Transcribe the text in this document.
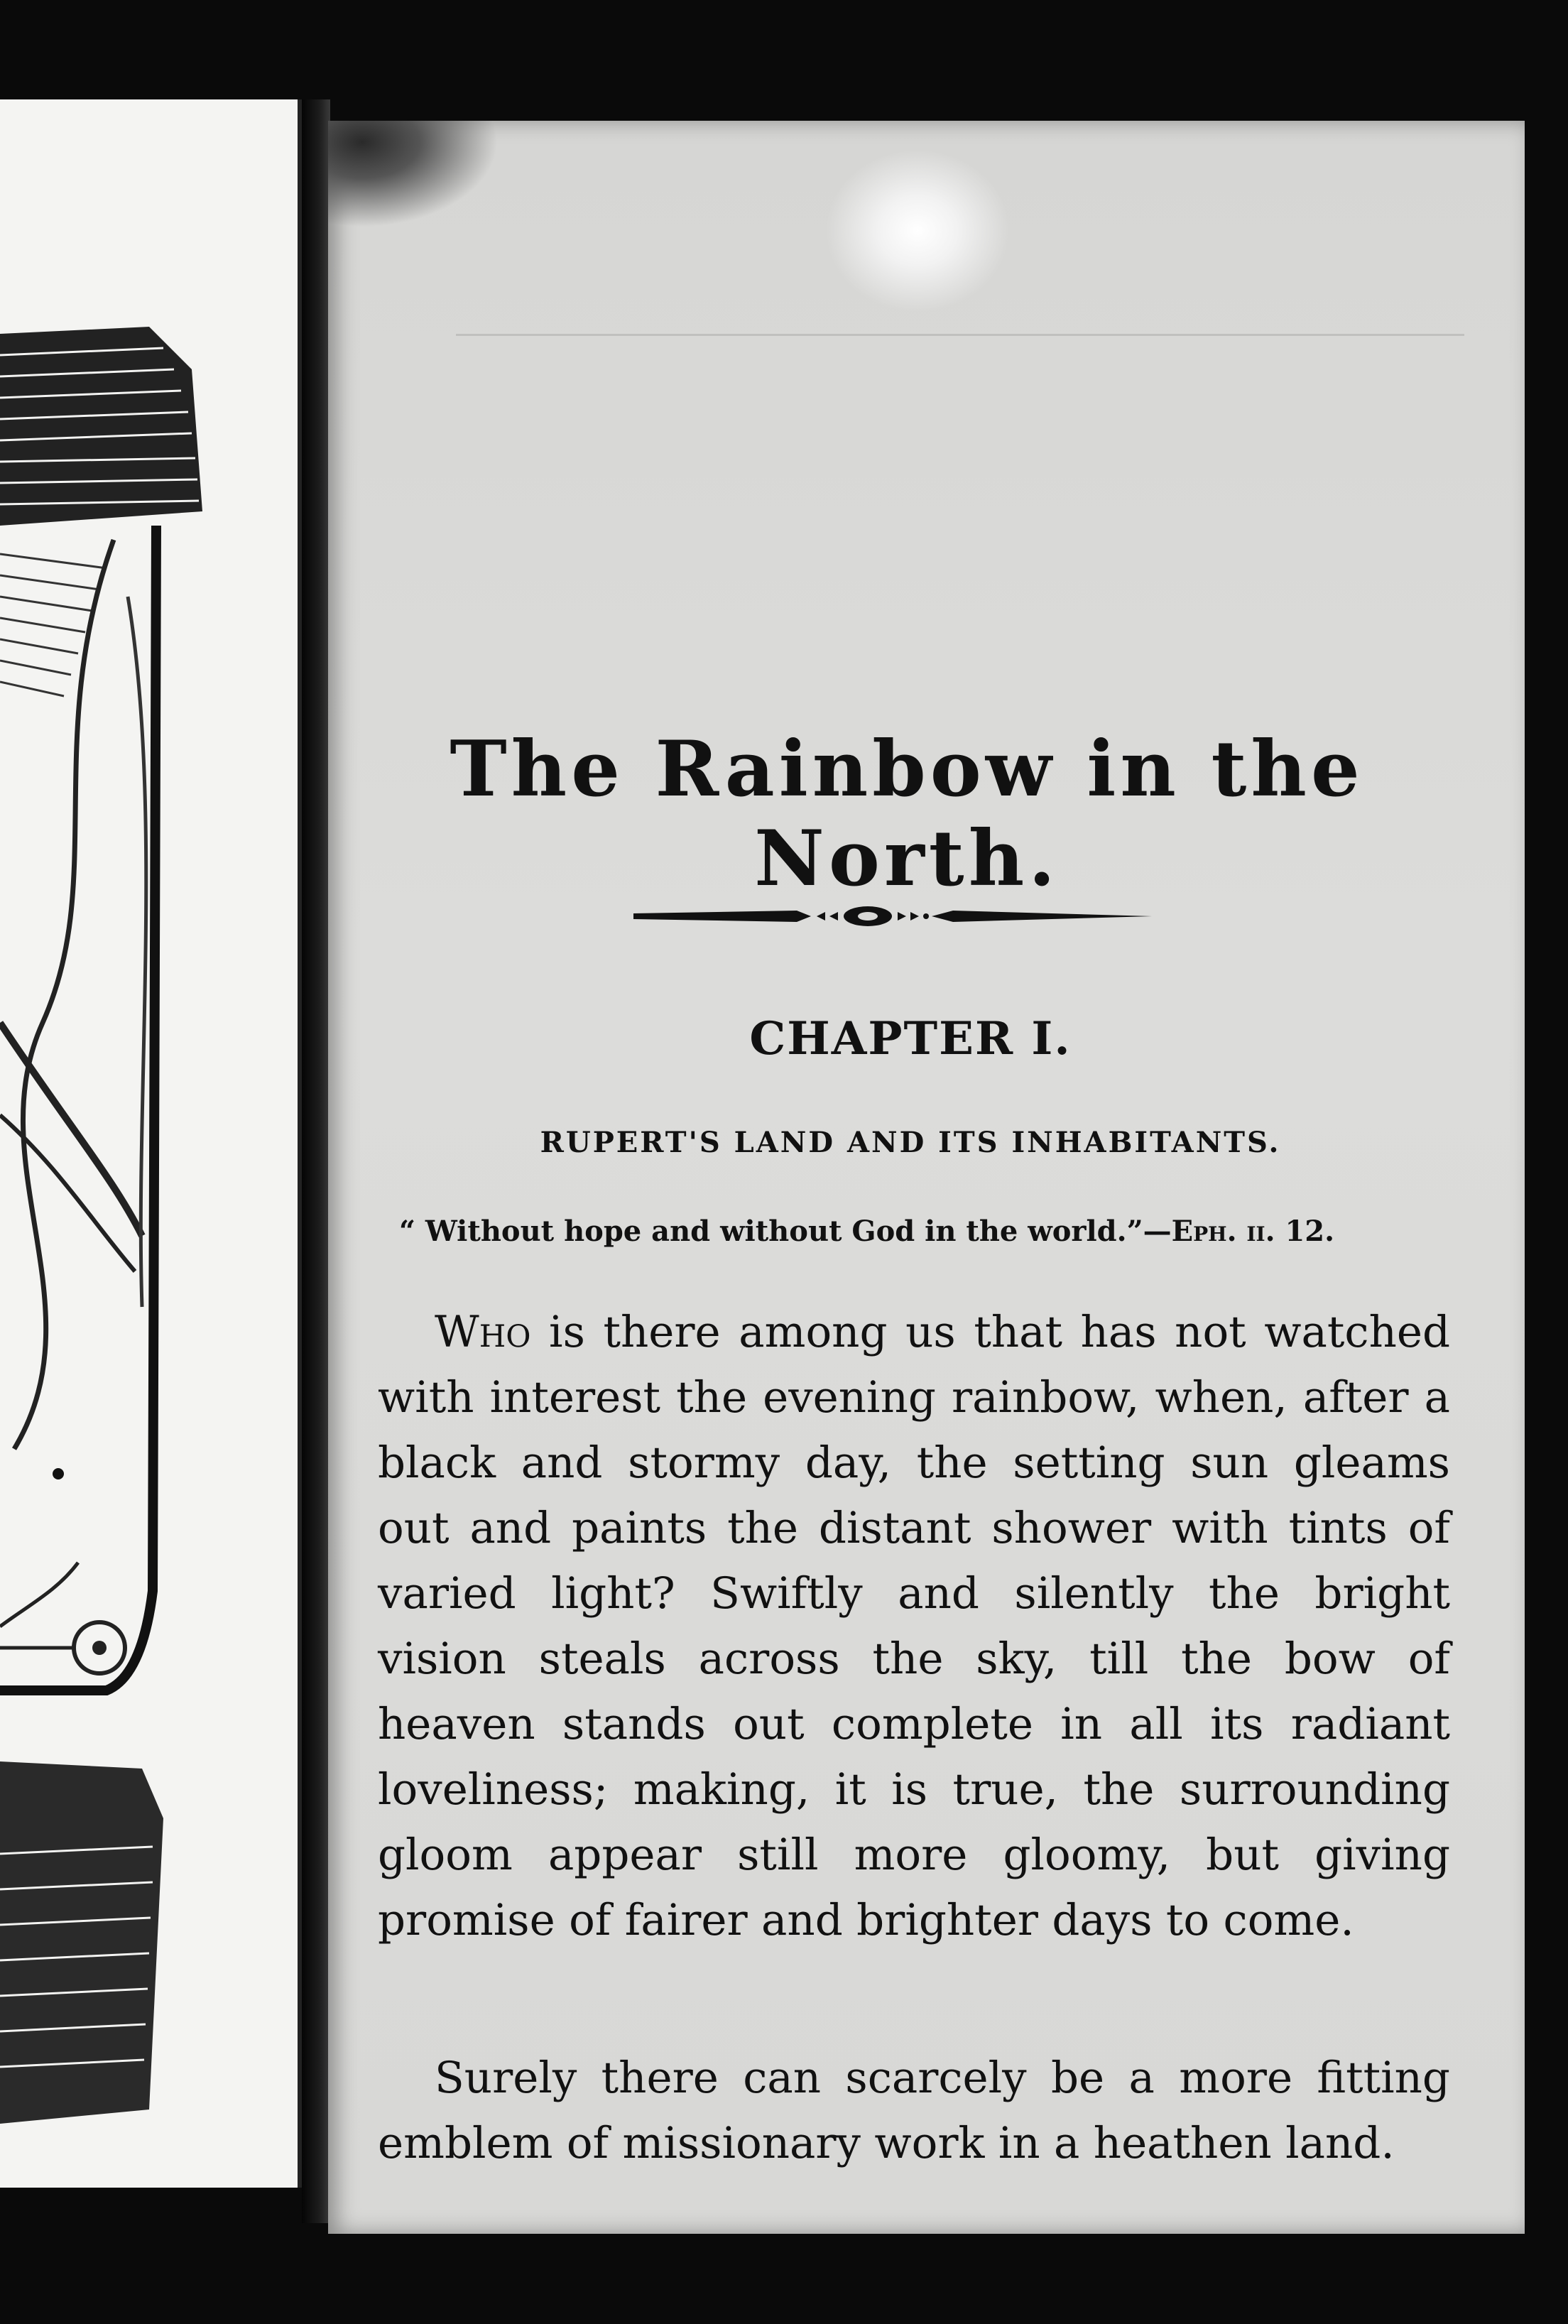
The Rainbow in the North.
CHAPTER I.
RUPERT'S LAND AND ITS INHABITANTS.

“ Without hope and without God in the world.”—Eph. ii. 12.

Who is there among us that has not watched with interest the evening rainbow, when, after a black and stormy day, the setting sun gleams out and paints the distant shower with tints of varied light? Swiftly and silently the bright vision steals across the sky, till the bow of heaven stands out complete in all its radiant loveliness; making, it is true, the surrounding gloom appear still more gloomy, but giving promise of fairer and brighter days to come.

Surely there can scarcely be a more fitting emblem of missionary work in a heathen land.
